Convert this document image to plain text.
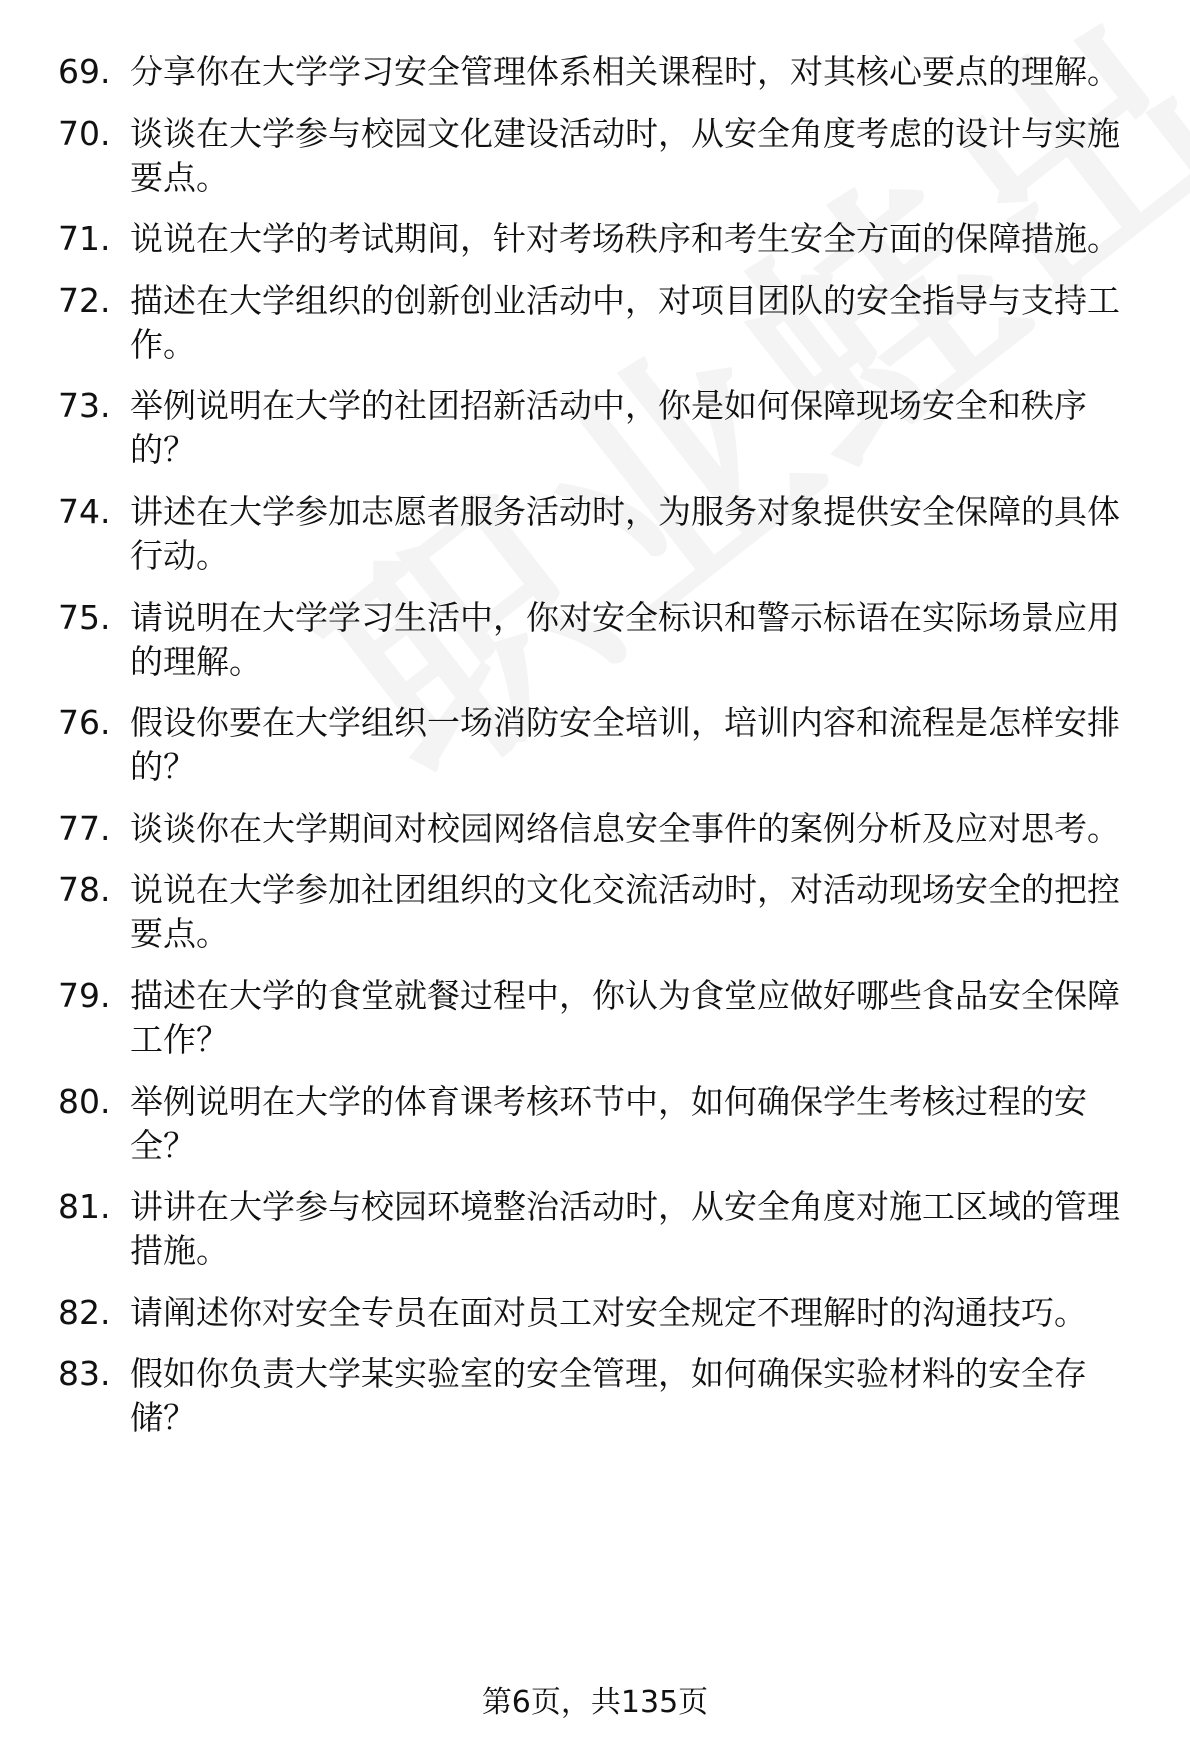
69. 分享你在大学学习安全管理体系相关课程时，对其核心要点的理解。
70. 谈谈在大学参与校园文化建设活动时，从安全角度考虑的设计与实施要点。
71. 说说在大学的考试期间，针对考场秩序和考生安全方面的保障措施。
72. 描述在大学组织的创新创业活动中，对项目团队的安全指导与支持工作。
73. 举例说明在大学的社团招新活动中，你是如何保障现场安全和秩序的？
74. 讲述在大学参加志愿者服务活动时，为服务对象提供安全保障的具体行动。
75. 请说明在大学学习生活中，你对安全标识和警示标语在实际场景应用的理解。
76. 假设你要在大学组织一场消防安全培训，培训内容和流程是怎样安排的？
77. 谈谈你在大学期间对校园网络信息安全事件的案例分析及应对思考。
78. 说说在大学参加社团组织的文化交流活动时，对活动现场安全的把控要点。
79. 描述在大学的食堂就餐过程中，你认为食堂应做好哪些食品安全保障工作？
80. 举例说明在大学的体育课考核环节中，如何确保学生考核过程的安全？
81. 讲讲在大学参与校园环境整治活动时，从安全角度对施工区域的管理措施。
82. 请阐述你对安全专员在面对员工对安全规定不理解时的沟通技巧。
83. 假如你负责大学某实验室的安全管理，如何确保实验材料的安全存储？
第6页，共135页
